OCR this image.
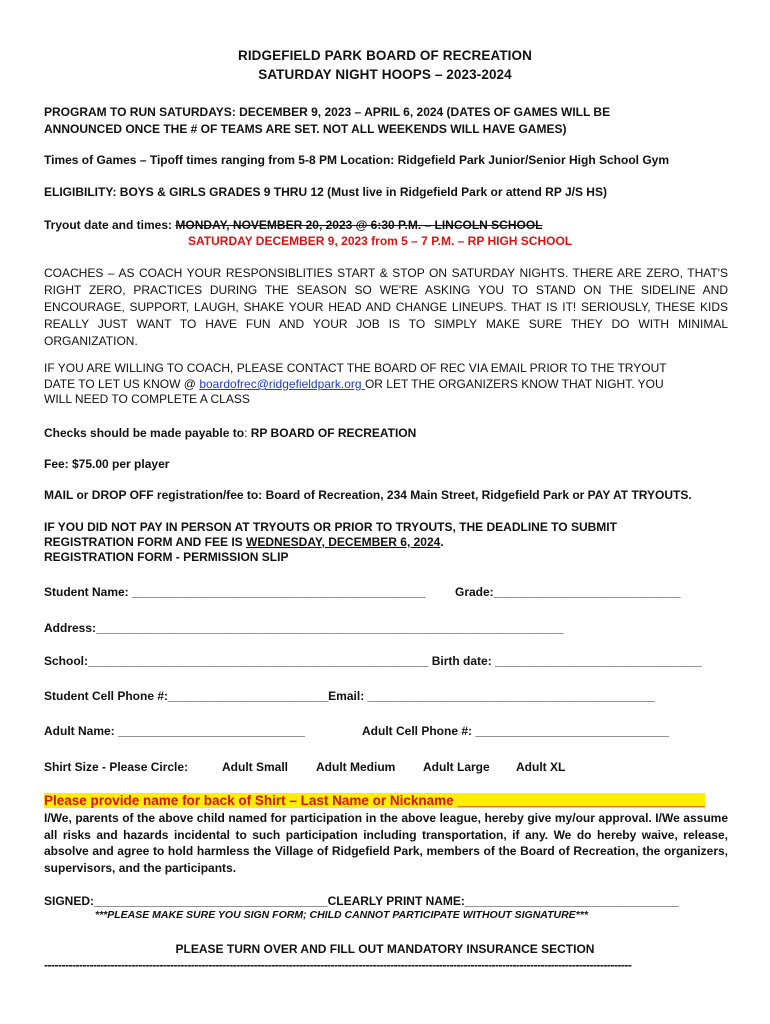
RIDGEFIELD PARK BOARD OF RECREATION
SATURDAY NIGHT HOOPS – 2023-2024
PROGRAM TO RUN SATURDAYS: DECEMBER 9, 2023 – APRIL 6, 2024 (DATES OF GAMES WILL BE
ANNOUNCED ONCE THE # OF TEAMS ARE SET. NOT ALL WEEKENDS WILL HAVE GAMES)
Times of Games – Tipoff times ranging from 5-8 PM Location: Ridgefield Park Junior/Senior High School Gym
ELIGIBILITY: BOYS & GIRLS GRADES 9 THRU 12 (Must live in Ridgefield Park or attend RP J/S HS)
Tryout date and times: MONDAY, NOVEMBER 20, 2023 @ 6:30 P.M. – LINCOLN SCHOOL
SATURDAY DECEMBER 9, 2023 from 5 – 7 P.M. – RP HIGH SCHOOL
COACHES – AS COACH YOUR RESPONSIBLITIES START & STOP ON SATURDAY NIGHTS. THERE ARE ZERO, THAT'S RIGHT ZERO, PRACTICES DURING THE SEASON SO WE'RE ASKING YOU TO STAND ON THE SIDELINE AND ENCOURAGE, SUPPORT, LAUGH, SHAKE YOUR HEAD AND CHANGE LINEUPS. THAT IS IT! SERIOUSLY, THESE KIDS REALLY JUST WANT TO HAVE FUN AND YOUR JOB IS TO SIMPLY MAKE SURE THEY DO WITH MINIMAL ORGANIZATION.
IF YOU ARE WILLING TO COACH, PLEASE CONTACT THE BOARD OF REC VIA EMAIL PRIOR TO THE TRYOUT
DATE TO LET US KNOW @ boardofrec@ridgefieldpark.org OR LET THE ORGANIZERS KNOW THAT NIGHT. YOU
WILL NEED TO COMPLETE A CLASS
Checks should be made payable to: RP BOARD OF RECREATION
Fee: $75.00 per player
MAIL or DROP OFF registration/fee to: Board of Recreation, 234 Main Street, Ridgefield Park or PAY AT TRYOUTS.
IF YOU DID NOT PAY IN PERSON AT TRYOUTS OR PRIOR TO TRYOUTS, THE DEADLINE TO SUBMIT
REGISTRATION FORM AND FEE IS WEDNESDAY, DECEMBER 6, 2024.
REGISTRATION FORM - PERMISSION SLIP
Student Name: ____________________________________________ Grade:____________________________
Address:______________________________________________________________________
School:___________________________________________________ Birth date: _______________________________
Student Cell Phone #:________________________Email: ___________________________________________
Adult Name: ____________________________	Adult Cell Phone #: _____________________________
Shirt Size - Please Circle:	Adult Small Adult Medium Adult Large Adult XL
Please provide name for back of Shirt – Last Name or Nickname _________________________________
I/We, parents of the above child named for participation in the above league, hereby give my/our approval. I/We assume all risks and hazards incidental to such participation including transportation, if any. We do hereby waive, release, absolve and agree to hold harmless the Village of Ridgefield Park, members of the Board of Recreation, the organizers, supervisors, and the participants.
SIGNED:___________________________________CLEARLY PRINT NAME:________________________________
***PLEASE MAKE SURE YOU SIGN FORM; CHILD CANNOT PARTICIPATE WITHOUT SIGNATURE***
PLEASE TURN OVER AND FILL OUT MANDATORY INSURANCE SECTION
------------------------------------------------------------------------------------------------------------------------------------------------------------------------
